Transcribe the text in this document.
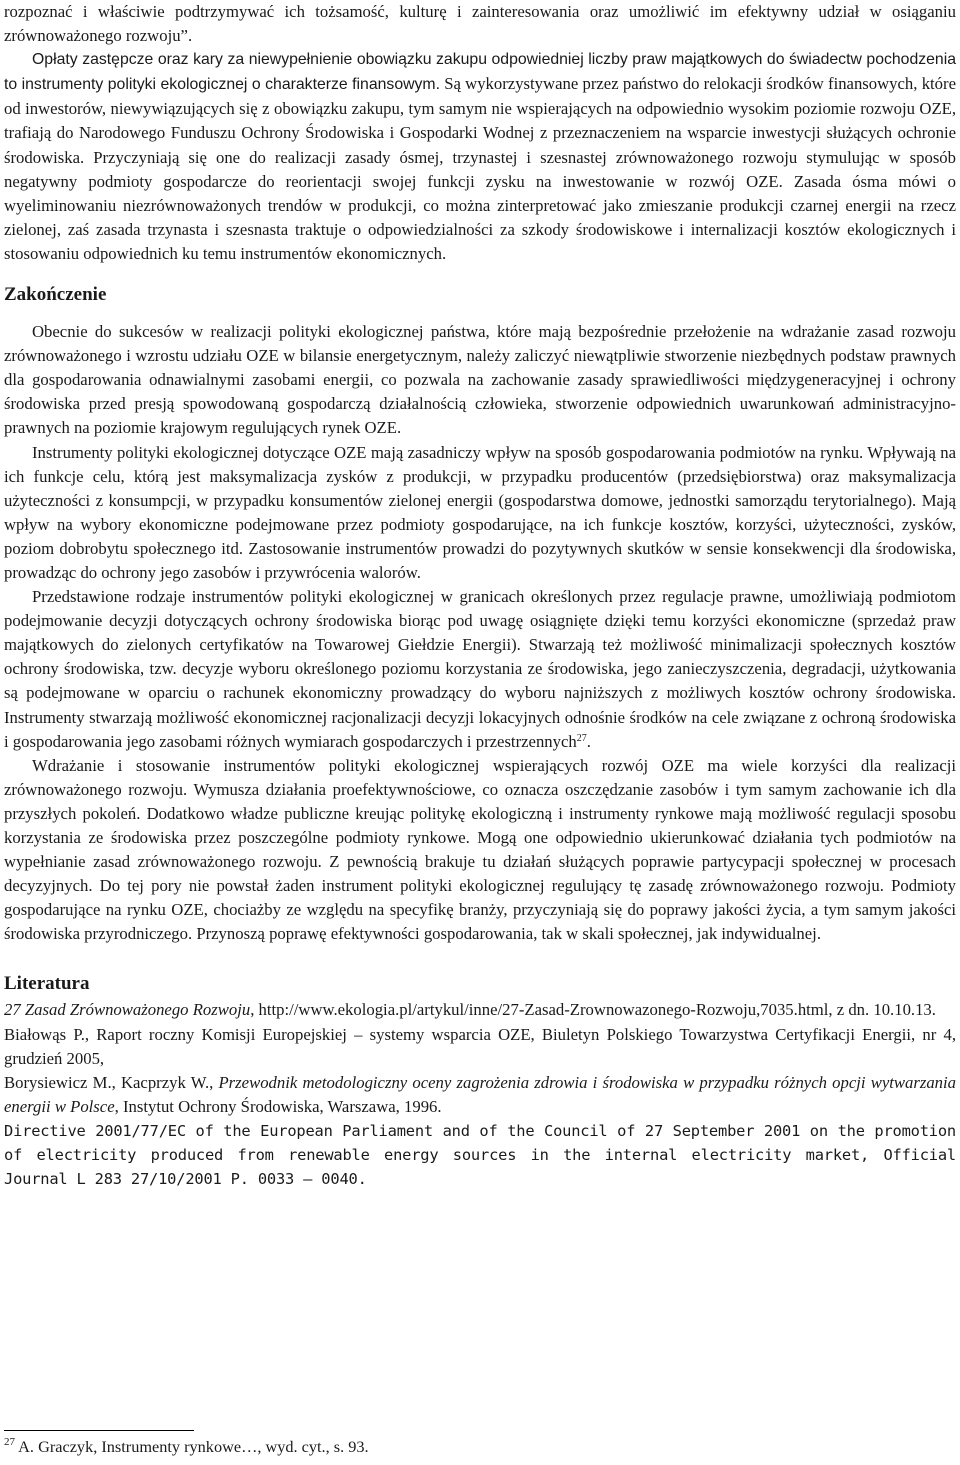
rozpoznać i właściwie podtrzymywać ich tożsamość, kulturę i zainteresowania oraz umożliwić im efektywny udział w osiąganiu zrównoważonego rozwoju”.

Opłaty zastępcze oraz kary za niewypełnienie obowiązku zakupu odpowiedniej liczby praw majątkowych do świadectw pochodzenia to instrumenty polityki ekologicznej o charakterze finansowym. Są wykorzystywane przez państwo do relokacji środków finansowych, które od inwestorów, niewywiązujących się z obowiązku zakupu, tym samym nie wspierających na odpowiednio wysokim poziomie rozwoju OZE, trafiają do Narodowego Funduszu Ochrony Środowiska i Gospodarki Wodnej z przeznaczeniem na wsparcie inwestycji służących ochronie środowiska. Przyczyniają się one do realizacji zasady ósmej, trzynastej i szesnastej zrównoważonego rozwoju stymulując w sposób negatywny podmioty gospodarcze do reorientacji swojej funkcji zysku na inwestowanie w rozwój OZE. Zasada ósma mówi o wyeliminowaniu niezrównoważonych trendów w produkcji, co można zinterpretować jako zmieszanie produkcji czarnej energii na rzecz zielonej, zaś zasada trzynasta i szesnasta traktuje o odpowiedzialności za szkody środowiskowe i internalizacji kosztów ekologicznych i stosowaniu odpowiednich ku temu instrumentów ekonomicznych.

Zakończenie

Obecnie do sukcesów w realizacji polityki ekologicznej państwa, które mają bezpośrednie przełożenie na wdrażanie zasad rozwoju zrównoważonego i wzrostu udziału OZE w bilansie energetycznym, należy zaliczyć niewątpliwie stworzenie niezbędnych podstaw prawnych dla gospodarowania odnawialnymi zasobami energii, co pozwala na zachowanie zasady sprawiedliwości międzygeneracyjnej i ochrony środowiska przed presją spowodowaną gospodarczą działalnością człowieka, stworzenie odpowiednich uwarunkowań administracyjno-prawnych na poziomie krajowym regulujących rynek OZE.

Instrumenty polityki ekologicznej dotyczące OZE mają zasadniczy wpływ na sposób gospodarowania podmiotów na rynku. Wpływają na ich funkcje celu, którą jest maksymalizacja zysków z produkcji, w przypadku producentów (przedsiębiorstwa) oraz maksymalizacja użyteczności z konsumpcji, w przypadku konsumentów zielonej energii (gospodarstwa domowe, jednostki samorządu terytorialnego). Mają wpływ na wybory ekonomiczne podejmowane przez podmioty gospodarujące, na ich funkcje kosztów, korzyści, użyteczności, zysków, poziom dobrobytu społecznego itd. Zastosowanie instrumentów prowadzi do pozytywnych skutków w sensie konsekwencji dla środowiska, prowadząc do ochrony jego zasobów i przywrócenia walorów.

Przedstawione rodzaje instrumentów polityki ekologicznej w granicach określonych przez regulacje prawne, umożliwiają podmiotom podejmowanie decyzji dotyczących ochrony środowiska biorąc pod uwagę osiągnięte dzięki temu korzyści ekonomiczne (sprzedaż praw majątkowych do zielonych certyfikatów na Towarowej Giełdzie Energii). Stwarzają też możliwość minimalizacji społecznych kosztów ochrony środowiska, tzw. decyzje wyboru określonego poziomu korzystania ze środowiska, jego zanieczyszczenia, degradacji, użytkowania są podejmowane w oparciu o rachunek ekonomiczny prowadzący do wyboru najniższych z możliwych kosztów ochrony środowiska. Instrumenty stwarzają możliwość ekonomicznej racjonalizacji decyzji lokacyjnych odnośnie środków na cele związane z ochroną środowiska i gospodarowania jego zasobami różnych wymiarach gospodarczych i przestrzennych$^{27}$.

Wdrażanie i stosowanie instrumentów polityki ekologicznej wspierających rozwój OZE ma wiele korzyści dla realizacji zrównoważonego rozwoju. Wymusza działania proefektywnościowe, co oznacza oszczędzanie zasobów i tym samym zachowanie ich dla przyszłych pokoleń. Dodatkowo władze publiczne kreując politykę ekologiczną i instrumenty rynkowe mają możliwość regulacji sposobu korzystania ze środowiska przez poszczególne podmioty rynkowe. Mogą one odpowiednio ukierunkować działania tych podmiotów na wypełnianie zasad zrównoważonego rozwoju. Z pewnością brakuje tu działań służących poprawie partycypacji społecznej w procesach decyzyjnych. Do tej pory nie powstał żaden instrument polityki ekologicznej regulujący tę zasadę zrównoważonego rozwoju. Podmioty gospodarujące na rynku OZE, chociażby ze względu na specyfikę branży, przyczyniają się do poprawy jakości życia, a tym samym jakości środowiska przyrodniczego. Przynoszą poprawę efektywności gospodarowania, tak w skali społecznej, jak indywidualnej.

Literatura

27 Zasad Zrównoważonego Rozwoju, http://www.ekologia.pl/artykul/inne/27-Zasad-Zrownowazonego-Rozwoju,7035.html, z dn. 10.10.13.

Białowąs P., Raport roczny Komisji Europejskiej – systemy wsparcia OZE, Biuletyn Polskiego Towarzystwa Certyfikacji Energii, nr 4, grudzień 2005,

Borysiewicz M., Kacprzyk W., Przewodnik metodologiczny oceny zagrożenia zdrowia i środowiska w przypadku różnych opcji wytwarzania energii w Polsce, Instytut Ochrony Środowiska, Warszawa, 1996.

Directive 2001/77/EC of the European Parliament and of the Council of 27 September 2001 on the promotion of electricity produced from renewable energy sources in the internal electricity market, Official Journal L 283 27/10/2001 P. 0033 – 0040.

$^{27}$ A. Graczyk, Instrumenty rynkowe…, wyd. cyt., s. 93.
